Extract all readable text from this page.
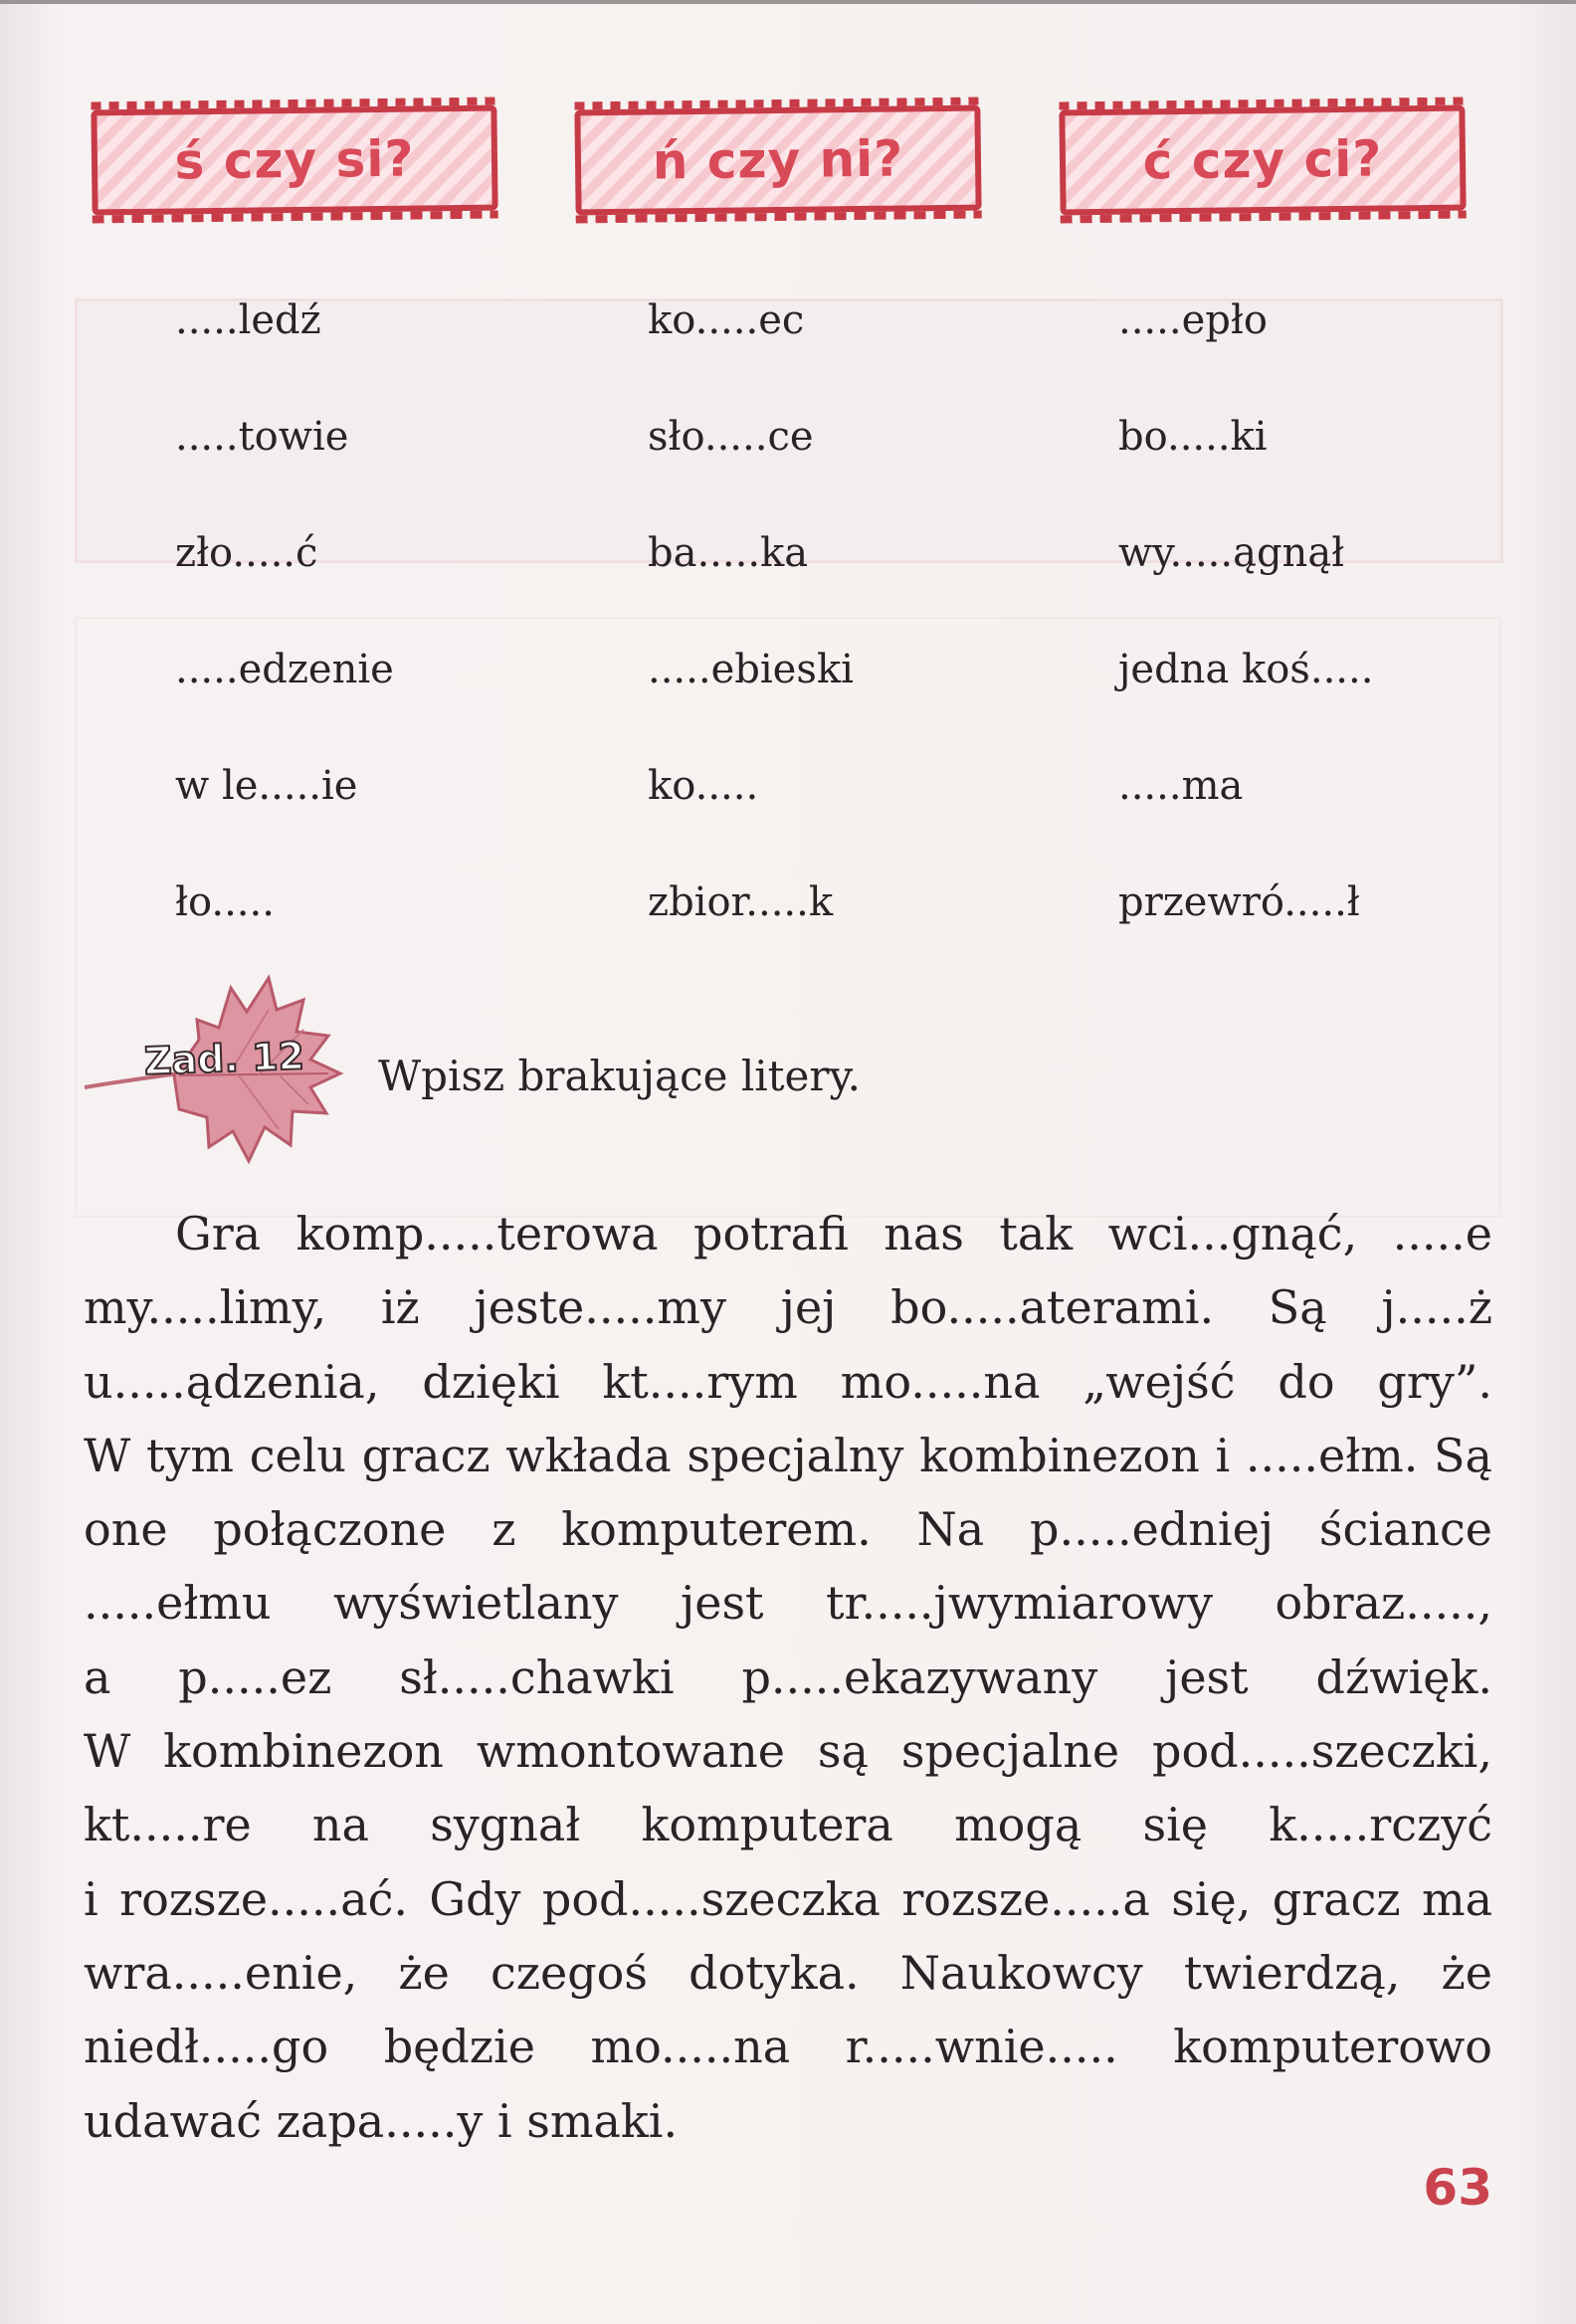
ś czy si?	ń czy ni?	ć czy ci?
.....ledź
.....towie
zło.....ć
.....edzenie
w le.....ie
ło.....
ko.....ec
sło.....ce
ba.....ka
.....ebieski
ko.....
zbior.....k
.....epło
bo.....ki
wy.....ągnął
jedna koś.....
.....ma
przewró.....ł
Zad. 12 Wpisz brakujące litery.
Gra komp.....terowa potrafi nas tak wci...gnąć, .....e
my.....limy, iż jeste.....my jej bo.....aterami. Są j.....ż
u.....ądzenia, dzięki kt....rym mo.....na „wejść do gry”.
W tym celu gracz wkłada specjalny kombinezon i .....ełm. Są
one połączone z komputerem. Na p.....edniej ściance
.....ełmu wyświetlany jest tr.....jwymiarowy obraz.....,
a p.....ez sł.....chawki p.....ekazywany jest dźwięk.
W kombinezon wmontowane są specjalne pod.....szeczki,
kt.....re na sygnał komputera mogą się k.....rczyć
i rozsze.....ać. Gdy pod.....szeczka rozsze.....a się, gracz ma
wra.....enie, że czegoś dotyka. Naukowcy twierdzą, że
niedł.....go będzie mo.....na r.....wnie..... komputerowo
udawać zapa.....y i smaki.
63
